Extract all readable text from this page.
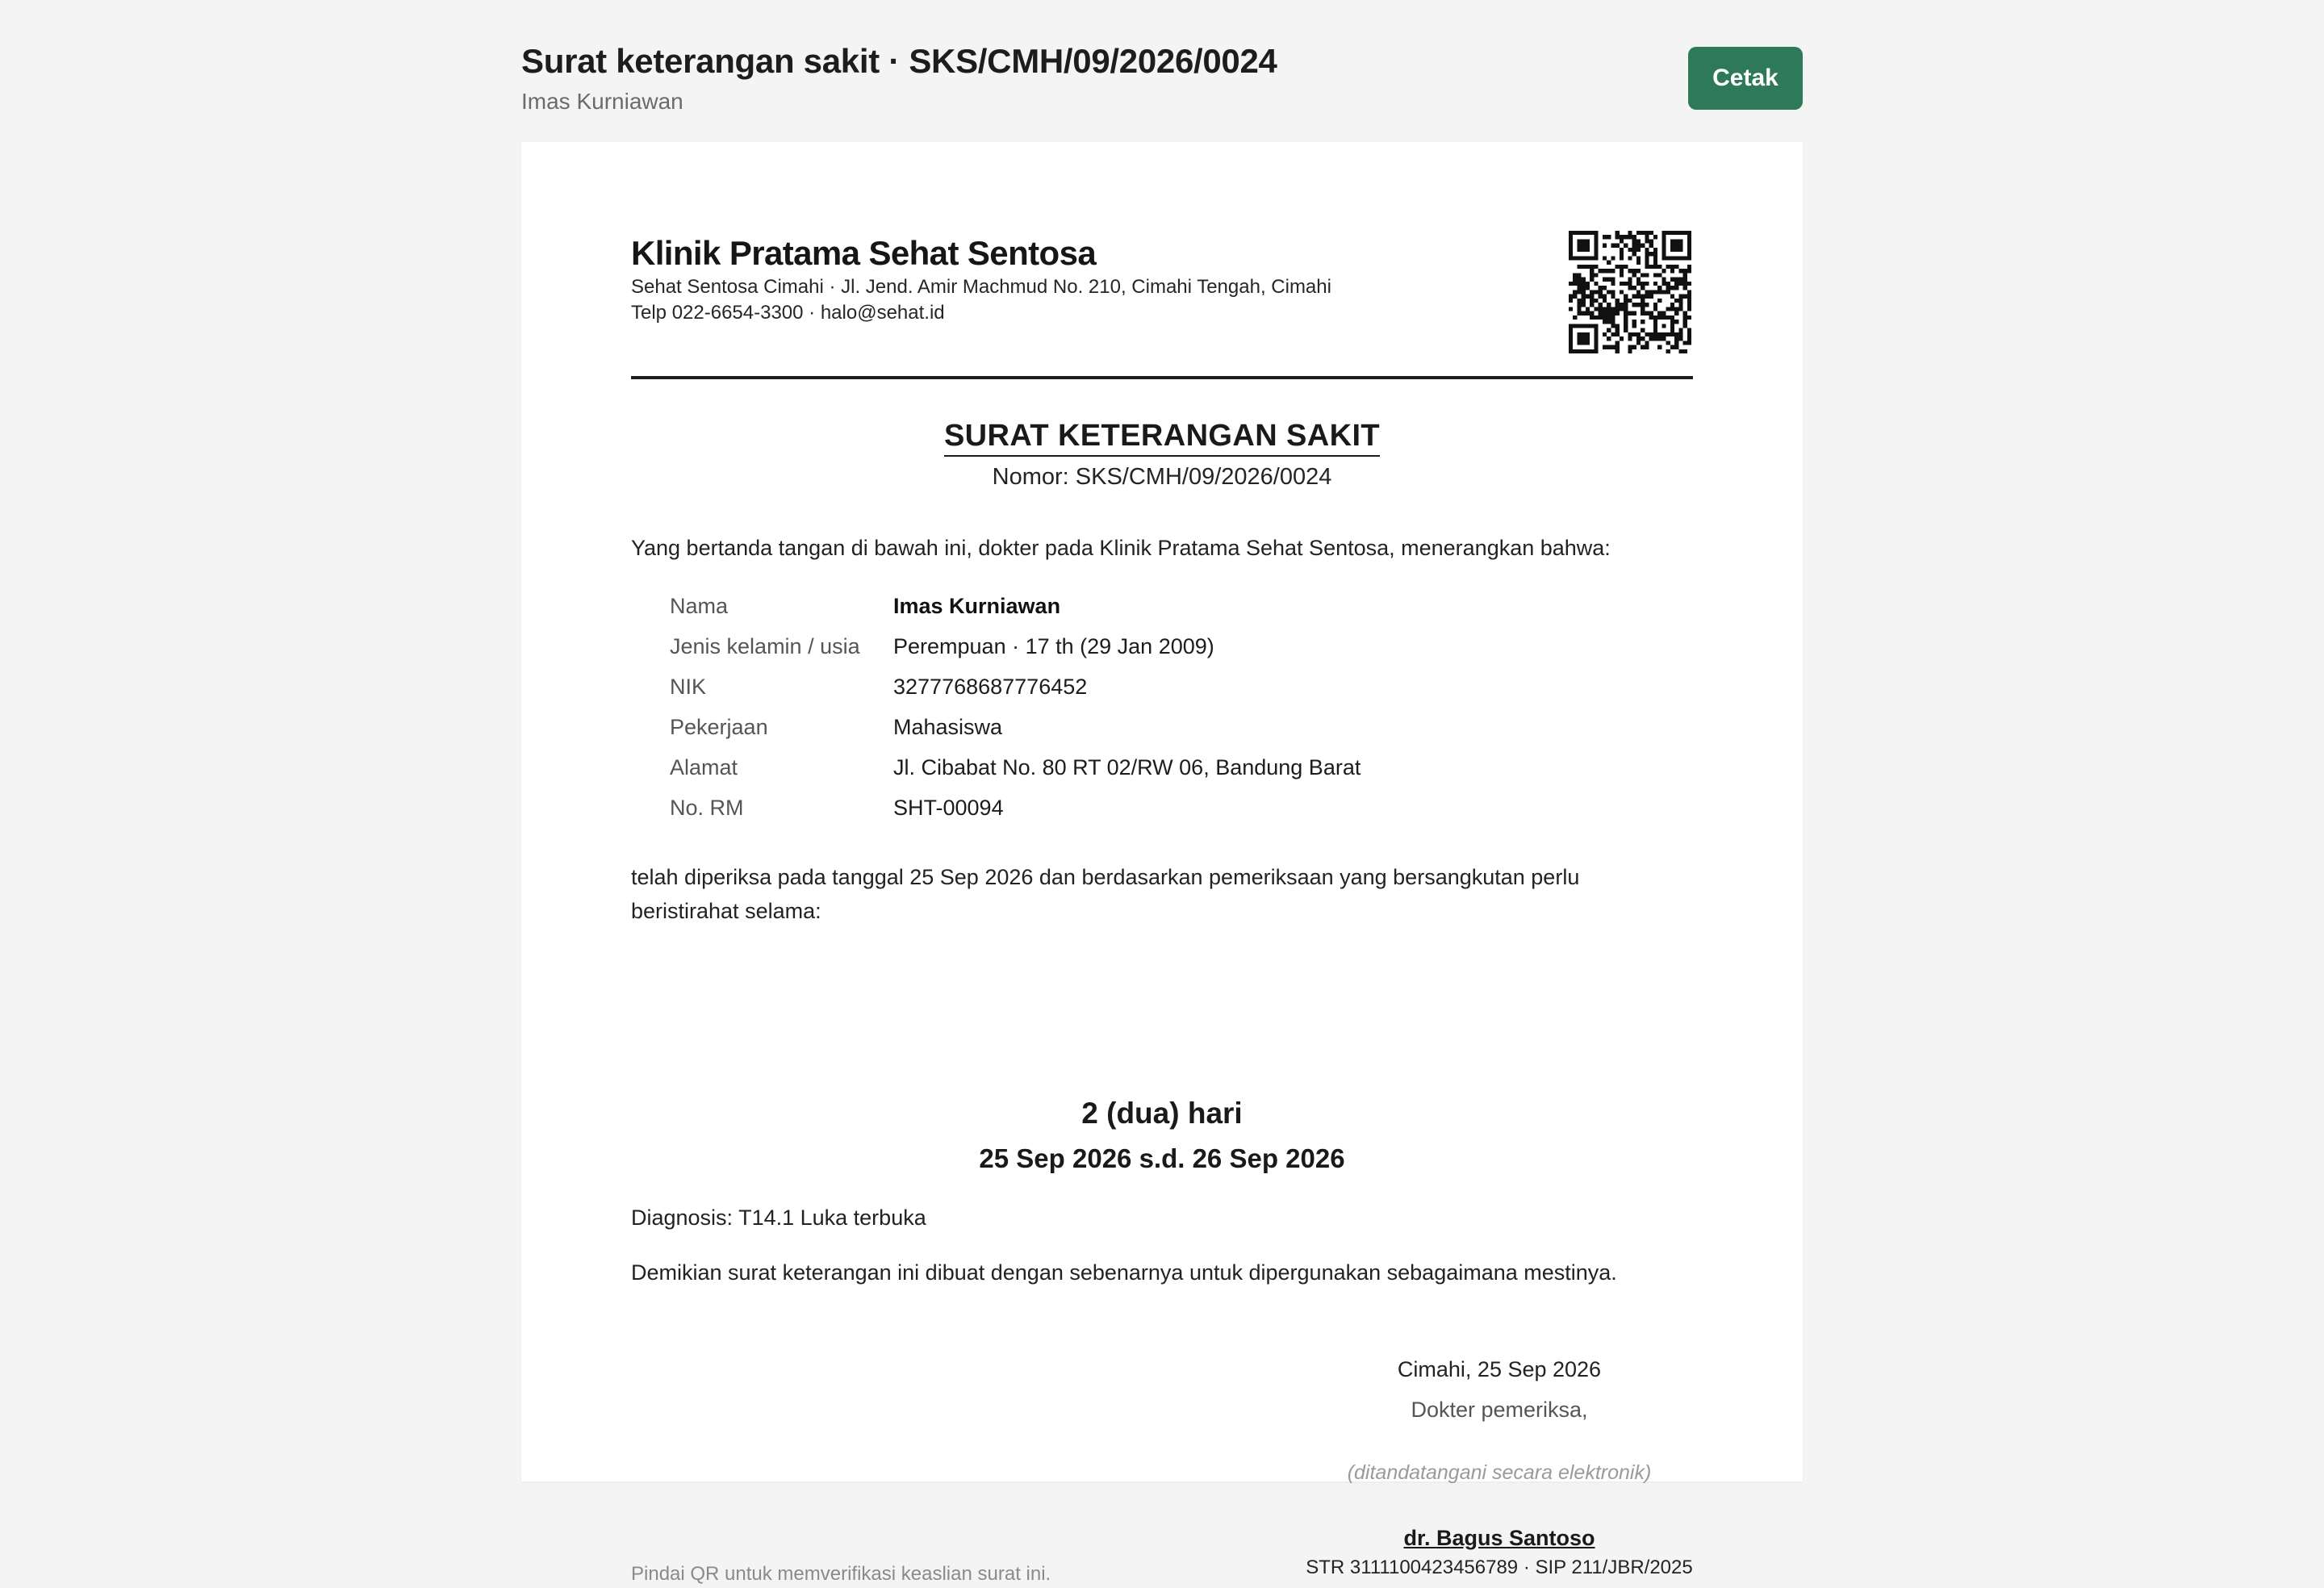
Surat keterangan sakit · SKS/CMH/09/2026/0024
Imas Kurniawan
Cetak
Klinik Pratama Sehat Sentosa
Sehat Sentosa Cimahi · Jl. Jend. Amir Machmud No. 210, Cimahi Tengah, Cimahi
Telp 022-6654-3300 · halo@sehat.id
SURAT KETERANGAN SAKIT
Nomor: SKS/CMH/09/2026/0024
Yang bertanda tangan di bawah ini, dokter pada Klinik Pratama Sehat Sentosa, menerangkan bahwa:
Nama	Imas Kurniawan
Jenis kelamin / usia	Perempuan · 17 th (29 Jan 2009)
NIK	3277768687776452
Pekerjaan	Mahasiswa
Alamat	Jl. Cibabat No. 80 RT 02/RW 06, Bandung Barat
No. RM	SHT-00094
telah diperiksa pada tanggal 25 Sep 2026 dan berdasarkan pemeriksaan yang bersangkutan perlu beristirahat selama:
2 (dua) hari
25 Sep 2026 s.d. 26 Sep 2026
Diagnosis: T14.1 Luka terbuka
Demikian surat keterangan ini dibuat dengan sebenarnya untuk dipergunakan sebagaimana mestinya.
Cimahi, 25 Sep 2026
Dokter pemeriksa,
(ditandatangani secara elektronik)
dr. Bagus Santoso
STR 3111100423456789 · SIP 211/JBR/2025
Pindai QR untuk memverifikasi keaslian surat ini.
